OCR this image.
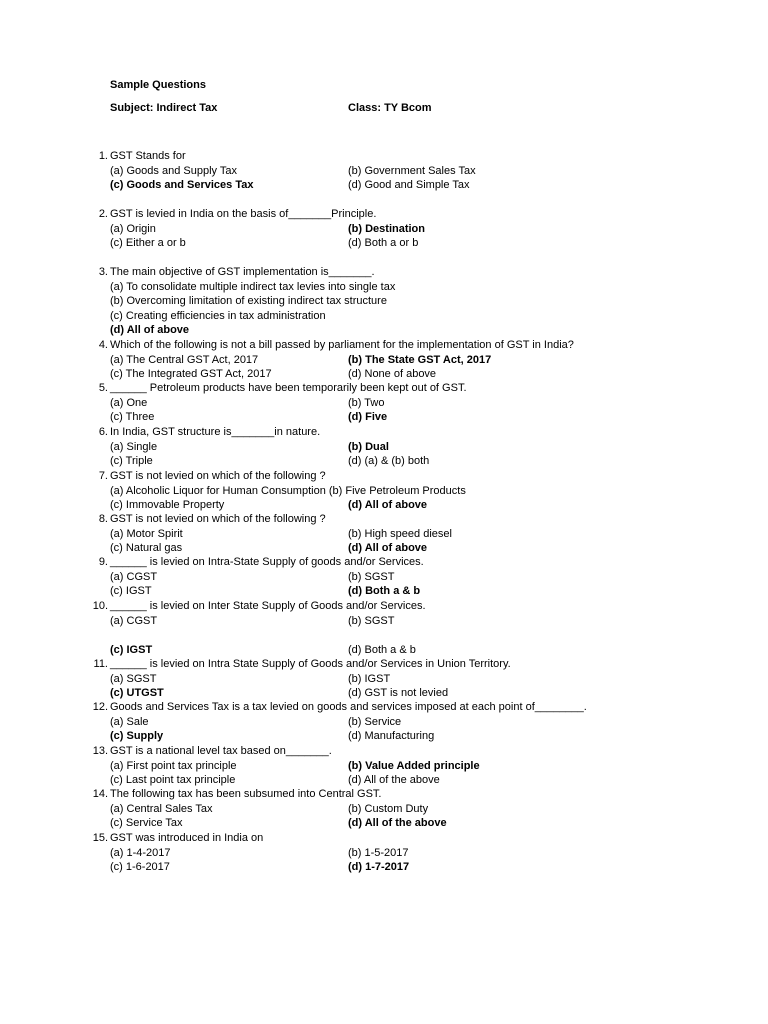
Sample Questions
Subject: Indirect Tax	Class: TY Bcom
1. GST Stands for
(a) Goods and Supply Tax	(b) Government Sales Tax
(c) Goods and Services Tax	(d) Good and Simple Tax
2. GST is levied in India on the basis of_______Principle.
(a) Origin	(b) Destination
(c) Either a or b	(d) Both a or b
3. The main objective of GST implementation is_______.
(a) To consolidate multiple indirect tax levies into single tax
(b) Overcoming limitation of existing indirect tax structure
(c) Creating efficiencies in tax administration
(d) All of above
4. Which of the following is not a bill passed by parliament for the implementation of GST in India?
(a) The Central GST Act, 2017	(b) The State GST Act, 2017
(c) The Integrated GST Act, 2017	(d) None of above
5. ______ Petroleum products have been temporarily been kept out of GST.
(a) One	(b) Two
(c) Three	(d) Five
6. In India, GST structure is_______in nature.
(a) Single	(b) Dual
(c) Triple	(d) (a) & (b) both
7. GST is not levied on which of the following ?
(a) Alcoholic Liquor for Human Consumption (b) Five Petroleum Products
(c) Immovable Property	(d) All of above
8. GST is not levied on which of the following ?
(a) Motor Spirit	(b) High speed diesel
(c) Natural gas	(d) All of above
9. ______ is levied on Intra-State Supply of goods and/or Services.
(a) CGST	(b) SGST
(c) IGST	(d) Both a & b
10. ______ is levied on Inter State Supply of Goods and/or Services.
(a) CGST	(b) SGST
(c) IGST	(d) Both a & b
11. ______ is levied on Intra State Supply of Goods and/or Services in Union Territory.
(a) SGST	(b) IGST
(c) UTGST	(d) GST is not levied
12. Goods and Services Tax is a tax levied on goods and services imposed at each point of________.
(a) Sale	(b) Service
(c) Supply	(d) Manufacturing
13. GST is a national level tax based on_______.
(a) First point tax principle	(b) Value Added principle
(c) Last point tax principle	(d) All of the above
14. The following tax has been subsumed into Central GST.
(a) Central Sales Tax	(b) Custom Duty
(c) Service Tax	(d) All of the above
15. GST was introduced in India on
(a) 1-4-2017	(b) 1-5-2017
(c) 1-6-2017	(d) 1-7-2017
